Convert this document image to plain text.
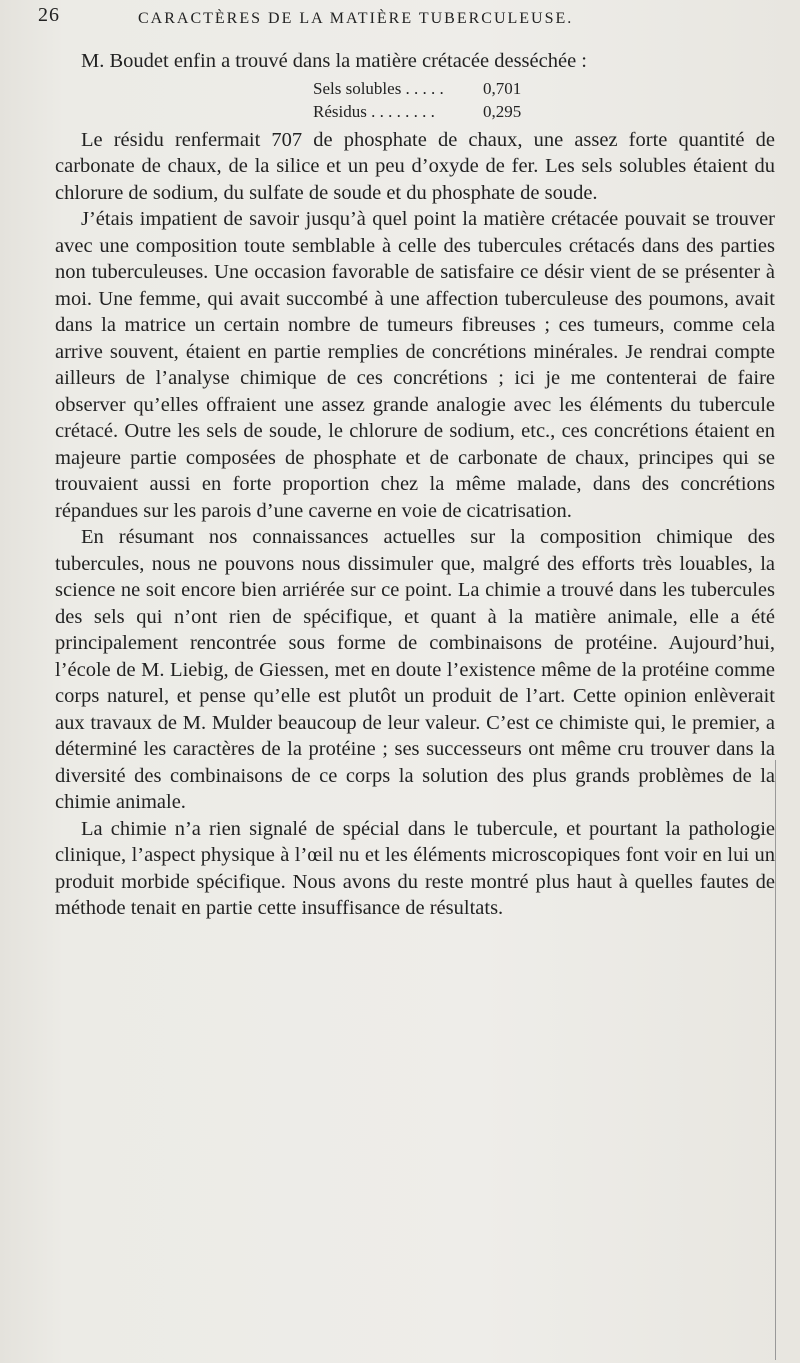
26	CARACTÈRES DE LA MATIÈRE TUBERCULEUSE.

M. Boudet enfin a trouvé dans la matière crétacée desséchée :

Sels solubles . . . . .	0,701
Résidus . . . . . . . .	0,295

Le résidu renfermait 707 de phosphate de chaux, une assez forte quantité de carbonate de chaux, de la silice et un peu d’oxyde de fer. Les sels solubles étaient du chlorure de sodium, du sulfate de soude et du phosphate de soude.

J’étais impatient de savoir jusqu’à quel point la matière crétacée pouvait se trouver avec une composition toute semblable à celle des tubercules crétacés dans des parties non tuberculeuses. Une occasion favorable de satisfaire ce désir vient de se présenter à moi. Une femme, qui avait succombé à une affection tuberculeuse des poumons, avait dans la matrice un certain nombre de tumeurs fibreuses ; ces tumeurs, comme cela arrive souvent, étaient en partie remplies de concrétions minérales. Je rendrai compte ailleurs de l’analyse chimique de ces concrétions ; ici je me contenterai de faire observer qu’elles offraient une assez grande analogie avec les éléments du tubercule crétacé. Outre les sels de soude, le chlorure de sodium, etc., ces concrétions étaient en majeure partie composées de phosphate et de carbonate de chaux, principes qui se trouvaient aussi en forte proportion chez la même malade, dans des concrétions répandues sur les parois d’une caverne en voie de cicatrisation.

En résumant nos connaissances actuelles sur la composition chimique des tubercules, nous ne pouvons nous dissimuler que, malgré des efforts très louables, la science ne soit encore bien arriérée sur ce point. La chimie a trouvé dans les tubercules des sels qui n’ont rien de spécifique, et quant à la matière animale, elle a été principalement rencontrée sous forme de combinaisons de protéine. Aujourd’hui, l’école de M. Liebig, de Giessen, met en doute l’existence même de la protéine comme corps naturel, et pense qu’elle est plutôt un produit de l’art. Cette opinion enlèverait aux travaux de M. Mulder beaucoup de leur valeur. C’est ce chimiste qui, le premier, a déterminé les caractères de la protéine ; ses successeurs ont même cru trouver dans la diversité des combinaisons de ce corps la solution des plus grands problèmes de la chimie animale.

La chimie n’a rien signalé de spécial dans le tubercule, et pourtant la pathologie clinique, l’aspect physique à l’œil nu et les éléments microscopiques font voir en lui un produit morbide spécifique. Nous avons du reste montré plus haut à quelles fautes de méthode tenait en partie cette insuffisance de résultats.
